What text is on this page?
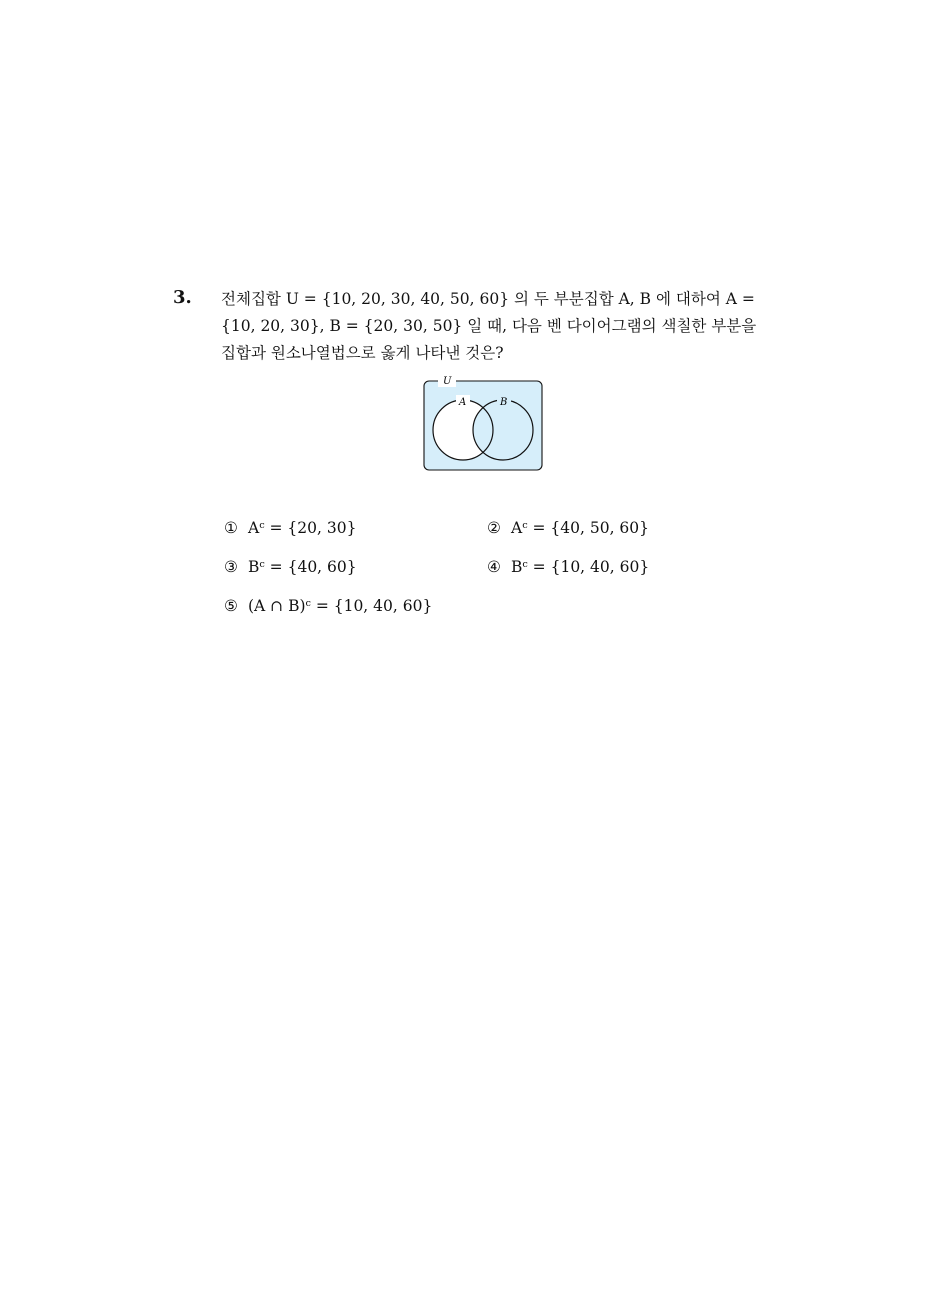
3. 전체집합 U = {10, 20, 30, 40, 50, 60} 의 두 부분집합 A, B 에 대하여 A =
{10, 20, 30}, B = {20, 30, 50} 일 때, 다음 벤 다이어그램의 색칠한 부분을
집합과 원소나열법으로 옳게 나타낸 것은?
U
A	B
① Aᶜ = {20, 30}	② Aᶜ = {40, 50, 60}
③ Bᶜ = {40, 60}	④ Bᶜ = {10, 40, 60}
⑤ (A ∩ B)ᶜ = {10, 40, 60}
